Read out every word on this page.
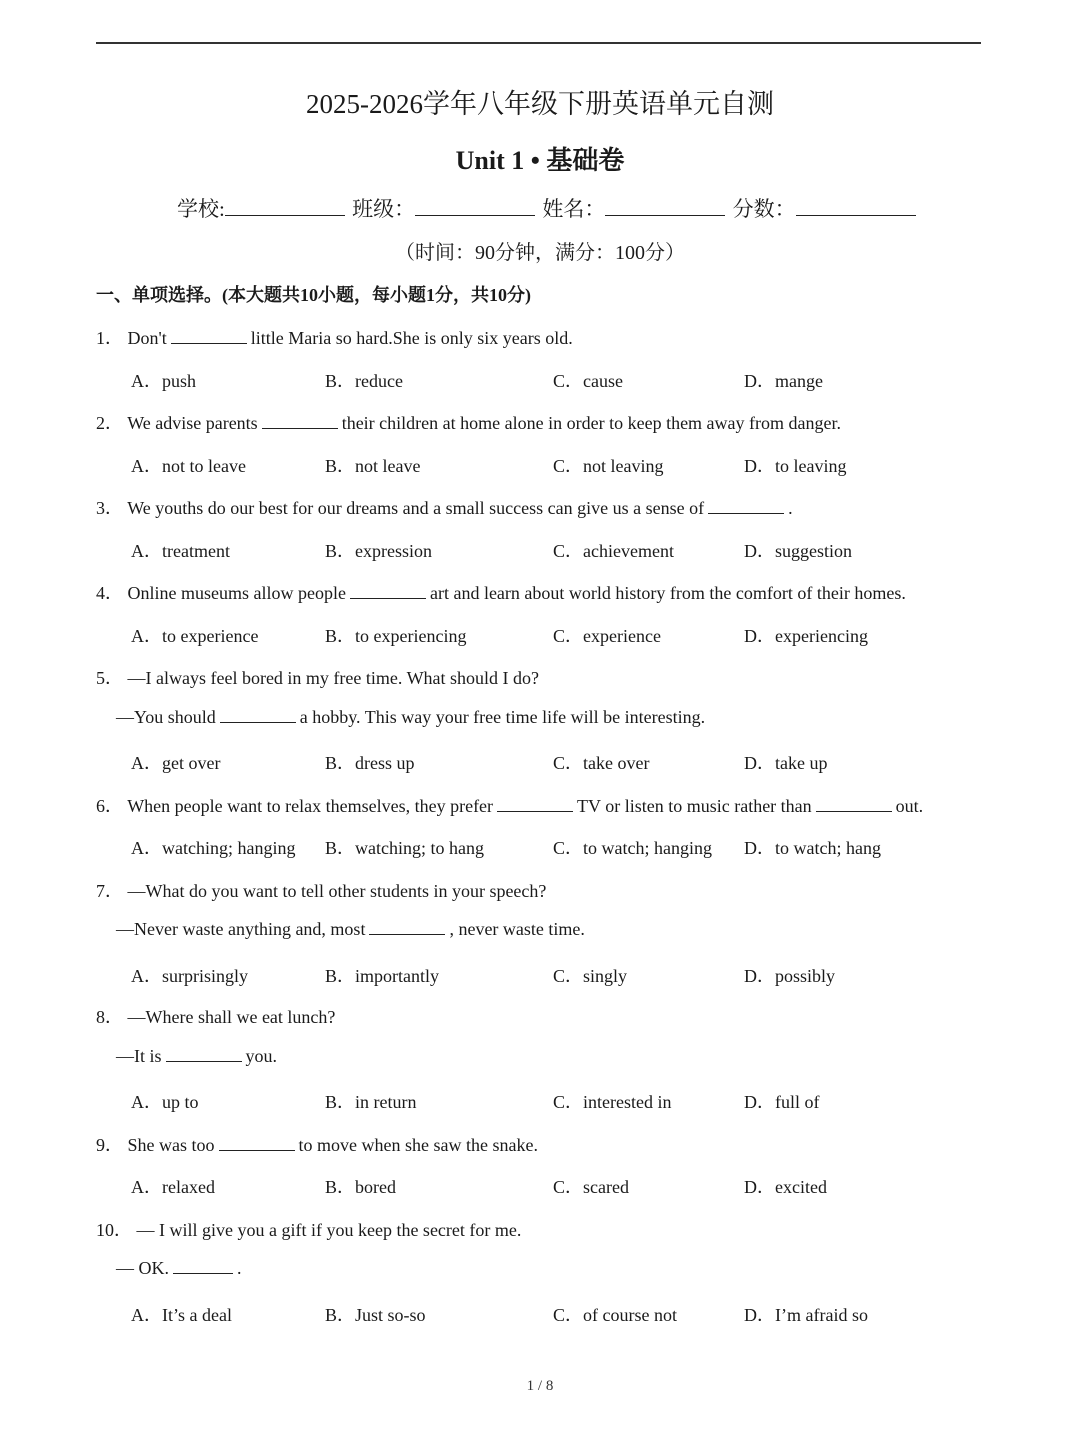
2025-2026学年八年级下册英语单元自测
Unit 1 • 基础卷
学校:	班级：	姓名：	分数：
（时间：90分钟，满分：100分）
一、单项选择。(本大题共10小题，每小题1分，共10分)
1． Don't	little Maria so hard.She is only six years old.
A．push	B．reduce	C．cause	D．mange
2． We advise parents	their children at home alone in order to keep them away from danger.
A．not to leave	B．not leave	C．not leaving	D．to leaving
3． We youths do our best for our dreams and a small success can give us a sense of	.
A．treatment	B．expression	C．achievement	D．suggestion
4． Online museums allow people	art and learn about world history from the comfort of their homes.
A．to experience	B．to experiencing	C．experience	D．experiencing
5． —I always feel bored in my free time. What should I do?
—You should	a hobby. This way your free time life will be interesting.
A．get over	B．dress up	C．take over	D．take up
6． When people want to relax themselves, they prefer	TV or listen to music rather than	out.
A．watching; hanging B．watching; to hang	C．to watch; hanging D．to watch; hang
7． —What do you want to tell other students in your speech?
—Never waste anything and, most	, never waste time.
A．surprisingly	B．importantly	C．singly	D．possibly
8． —Where shall we eat lunch?
—It is	you.
A．up to	B．in return	C．interested in	D．full of
9． She was too	to move when she saw the snake.
A．relaxed	B．bored	C．scared	D．excited
10． — I will give you a gift if you keep the secret for me.
— OK.	.
A．It’s a deal	B．Just so-so	C．of course not	D．I’m afraid so
1 / 8
